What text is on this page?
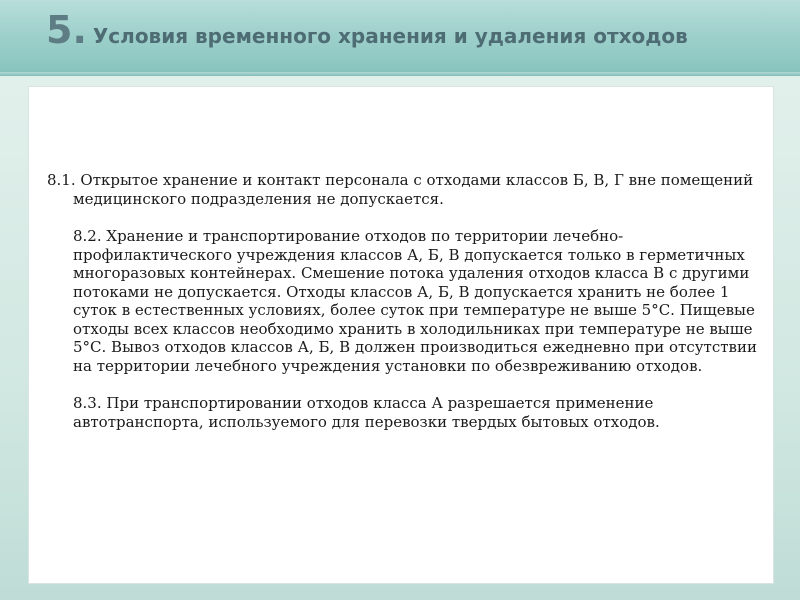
5. Условия временного хранения и удаления отходов

8.1. Открытое хранение и контакт персонала с отходами классов Б, В, Г вне помещений медицинского подразделения не допускается.

8.2. Хранение и транспортирование отходов по территории лечебно-профилактического учреждения классов А, Б, В допускается только в герметичных многоразовых контейнерах. Смешение потока удаления отходов класса В с другими потоками не допускается. Отходы классов А, Б, В допускается хранить не более 1 суток в естественных условиях, более суток при температуре не выше 5°С. Пищевые отходы всех классов необходимо хранить в холодильниках при температуре не выше 5°С. Вывоз отходов классов А, Б, В должен производиться ежедневно при отсутствии на территории лечебного учреждения установки по обезвреживанию отходов.

8.3. При транспортировании отходов класса А разрешается применение автотранспорта, используемого для перевозки твердых бытовых отходов.
